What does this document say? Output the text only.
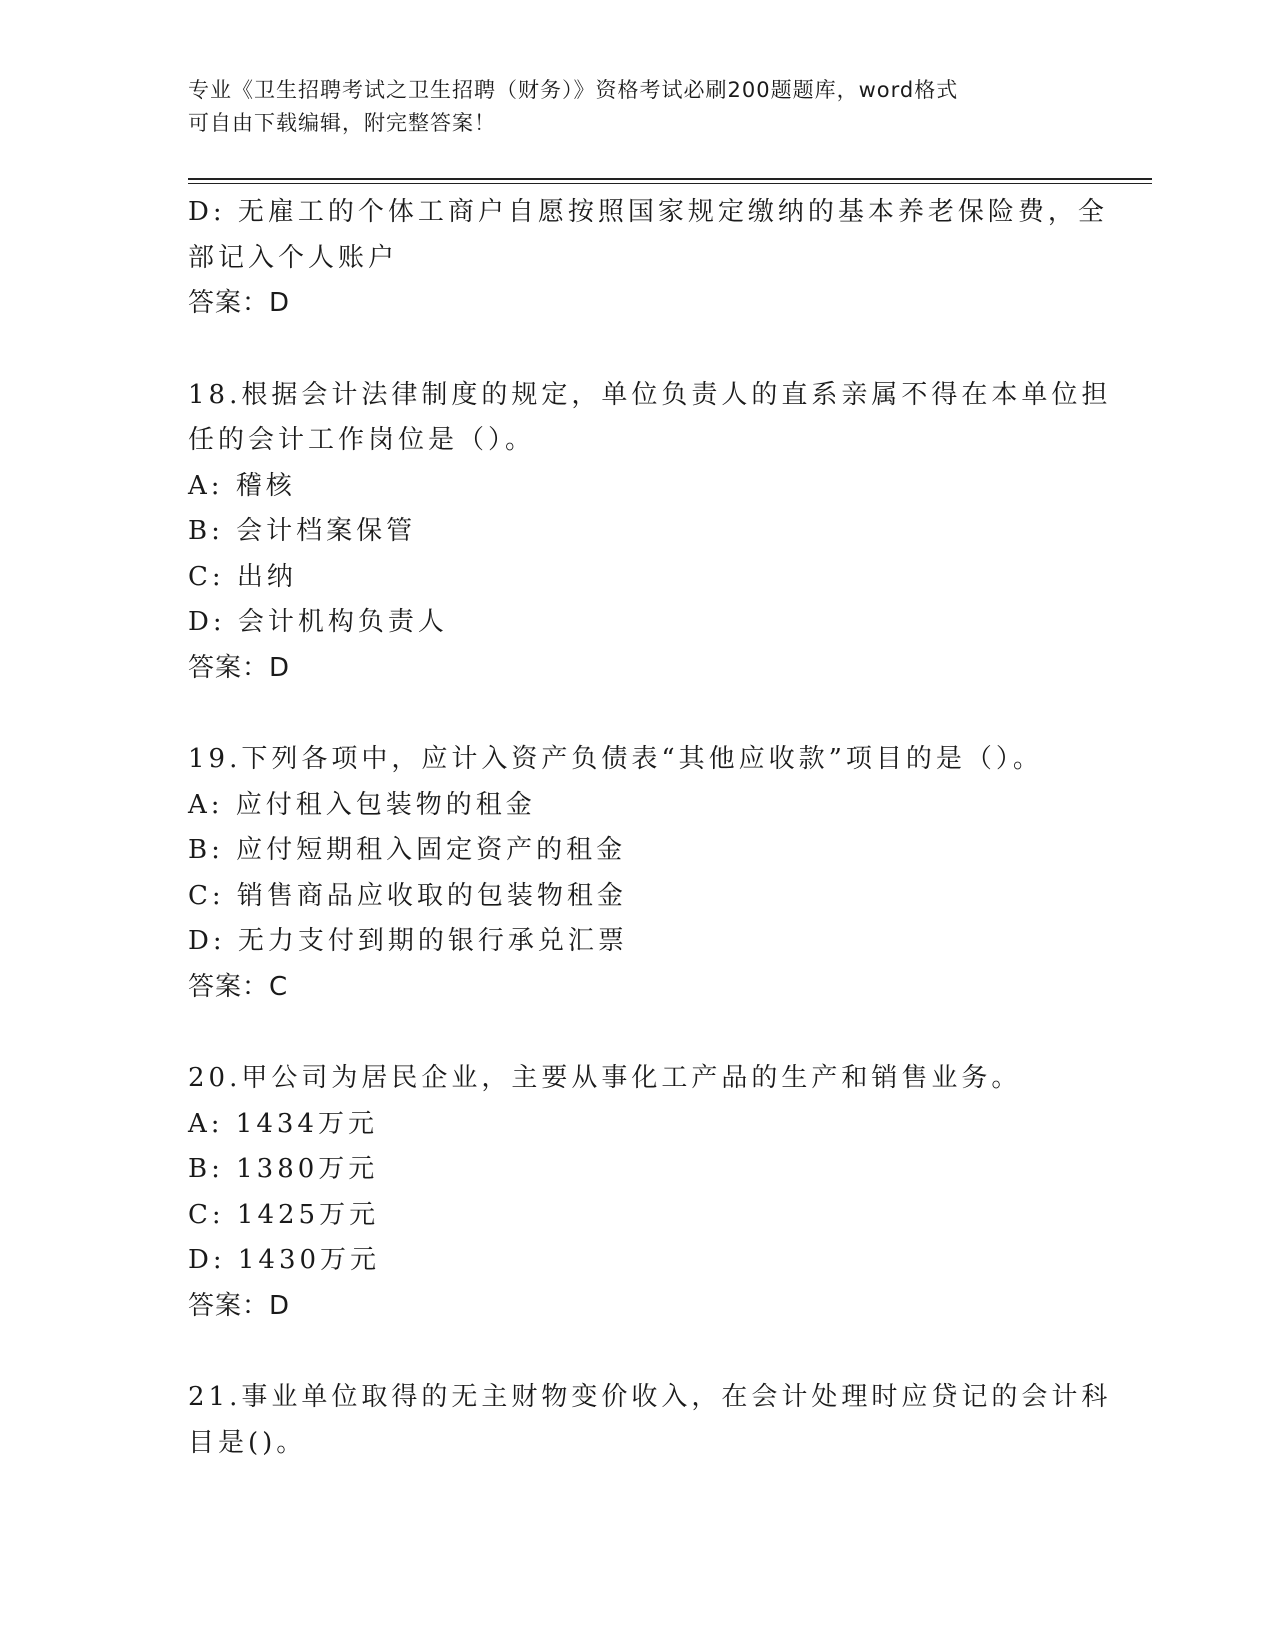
专业《卫生招聘考试之卫生招聘（财务）》资格考试必刷200题题库，word格式
可自由下载编辑，附完整答案！
D: 无雇工的个体工商户自愿按照国家规定缴纳的基本养老保险费，全
部记入个人账户
答案：D
18.根据会计法律制度的规定，单位负责人的直系亲属不得在本单位担
任的会计工作岗位是（）。
A: 稽核
B: 会计档案保管
C: 出纳
D: 会计机构负责人
答案：D
19.下列各项中，应计入资产负债表“其他应收款”项目的是（）。
A: 应付租入包装物的租金
B: 应付短期租入固定资产的租金
C: 销售商品应收取的包装物租金
D: 无力支付到期的银行承兑汇票
答案：C
20.甲公司为居民企业，主要从事化工产品的生产和销售业务。
A: 1434万元
B: 1380万元
C: 1425万元
D: 1430万元
答案：D
21.事业单位取得的无主财物变价收入，在会计处理时应贷记的会计科
目是()。
